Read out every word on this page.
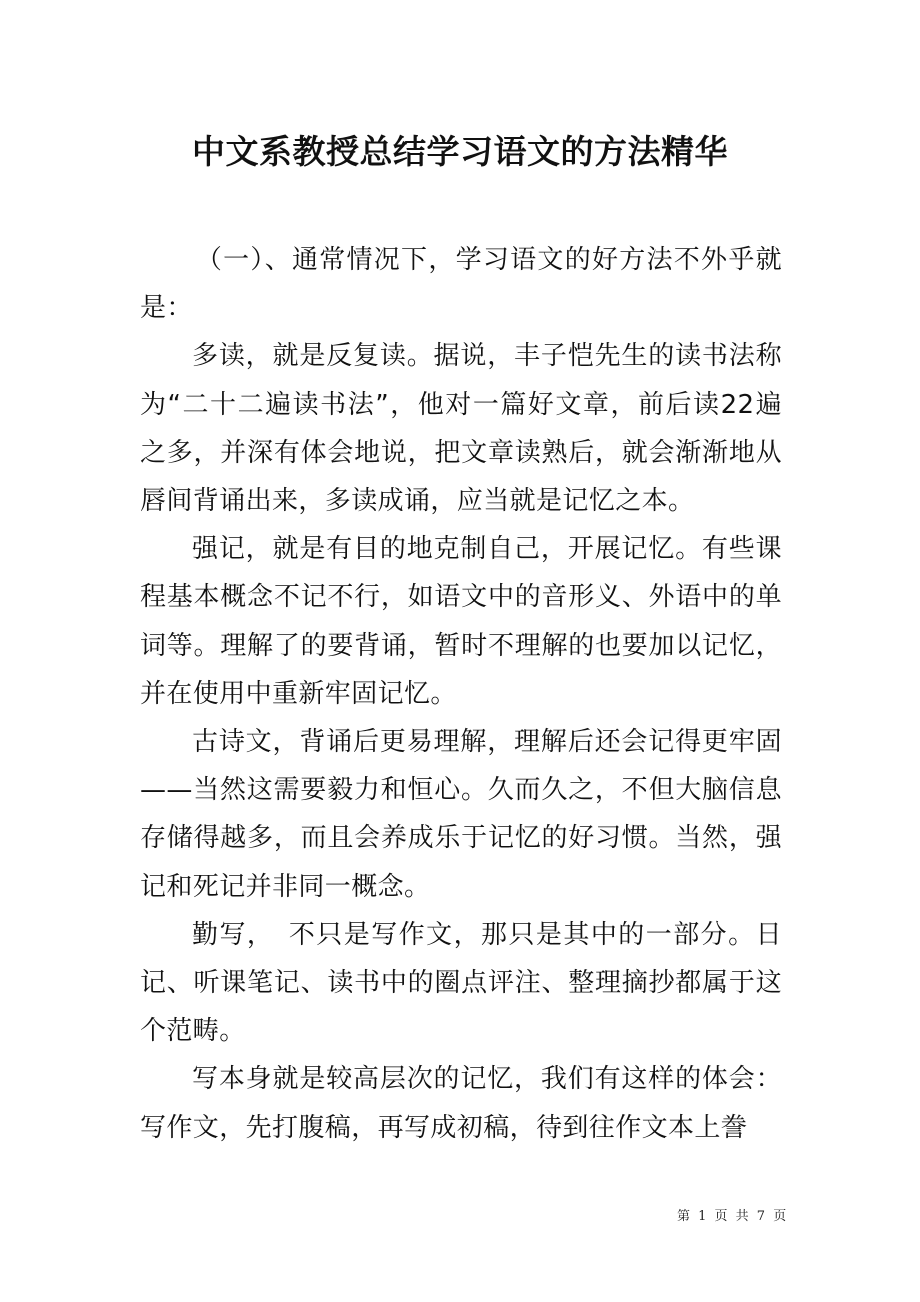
中文系教授总结学习语文的方法精华

（一）、通常情况下，学习语文的好方法不外乎就是：

多读，就是反复读。据说，丰子恺先生的读书法称为“二十二遍读书法”，他对一篇好文章，前后读22遍之多，并深有体会地说，把文章读熟后，就会渐渐地从唇间背诵出来，多读成诵，应当就是记忆之本。

强记，就是有目的地克制自己，开展记忆。有些课程基本概念不记不行，如语文中的音形义、外语中的单词等。理解了的要背诵，暂时不理解的也要加以记忆，并在使用中重新牢固记忆。

古诗文，背诵后更易理解，理解后还会记得更牢固——当然这需要毅力和恒心。久而久之，不但大脑信息存储得越多，而且会养成乐于记忆的好习惯。当然，强记和死记并非同一概念。

勤写，　不只是写作文，那只是其中的一部分。日记、听课笔记、读书中的圈点评注、整理摘抄都属于这个范畴。

写本身就是较高层次的记忆，我们有这样的体会：写作文，先打腹稿，再写成初稿，待到往作文本上誊

第 1 页 共 7 页
